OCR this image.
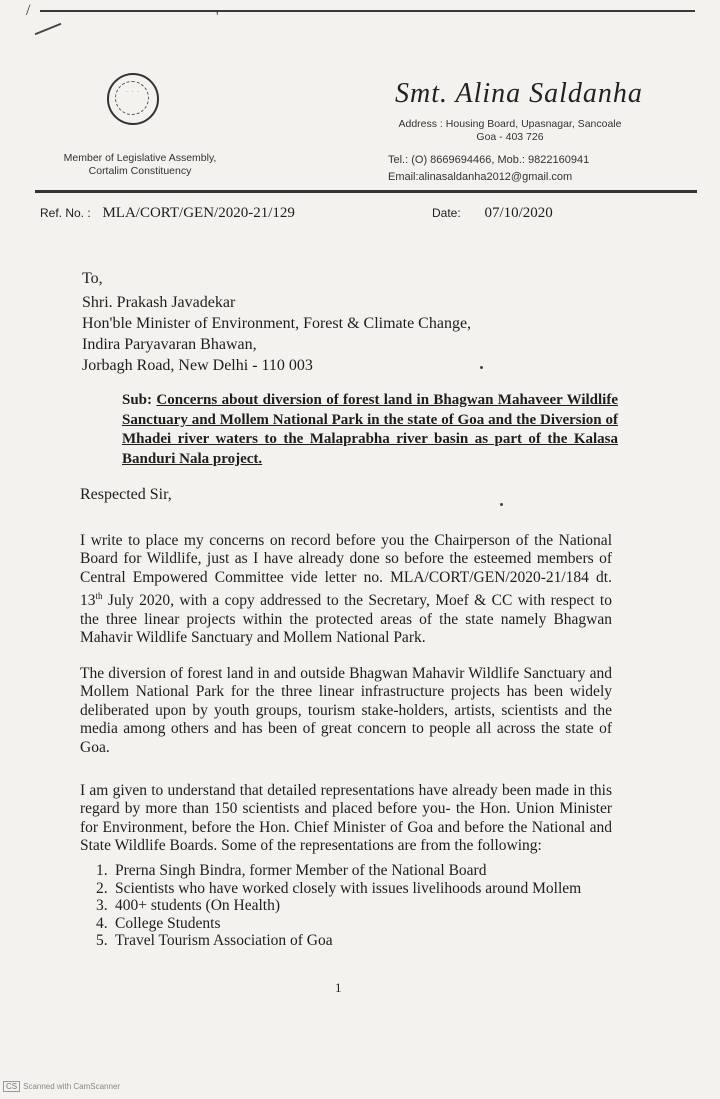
/	'
· · ·
Member of Legislative Assembly,
Cortalim Constituency
Smt. Alina Saldanha
Address : Housing Board, Upasnagar, Sancoale
Goa - 403 726
Tel.: (O) 8669694466, Mob.: 9822160941
Email:alinasaldanha2012@gmail.com
Ref. No. : MLA/CORT/GEN/2020-21/129	Date: 07/10/2020
To,
Shri. Prakash Javadekar
Hon'ble Minister of Environment, Forest & Climate Change,
Indira Paryavaran Bhawan,
Jorbagh Road, New Delhi - 110 003
Sub: Concerns about diversion of forest land in Bhagwan Mahaveer Wildlife Sanctuary and Mollem National Park in the state of Goa and the Diversion of Mhadei river waters to the Malaprabha river basin as part of the Kalasa Banduri Nala project.
Respected Sir,
I write to place my concerns on record before you the Chairperson of the National Board for Wildlife, just as I have already done so before the esteemed members of Central Empowered Committee vide letter no. MLA/CORT/GEN/2020-21/184 dt. 13th July 2020, with a copy addressed to the Secretary, Moef & CC with respect to the three linear projects within the protected areas of the state namely Bhagwan Mahavir Wildlife Sanctuary and Mollem National Park.
The diversion of forest land in and outside Bhagwan Mahavir Wildlife Sanctuary and Mollem National Park for the three linear infrastructure projects has been widely deliberated upon by youth groups, tourism stake-holders, artists, scientists and the media among others and has been of great concern to people all across the state of Goa.
I am given to understand that detailed representations have already been made in this regard by more than 150 scientists and placed before you- the Hon. Union Minister for Environment, before the Hon. Chief Minister of Goa and before the National and State Wildlife Boards. Some of the representations are from the following:
1. Prerna Singh Bindra, former Member of the National Board
2. Scientists who have worked closely with issues livelihoods around Mollem
3. 400+ students (On Health)
4. College Students
5. Travel Tourism Association of Goa
1
CS Scanned with CamScanner
